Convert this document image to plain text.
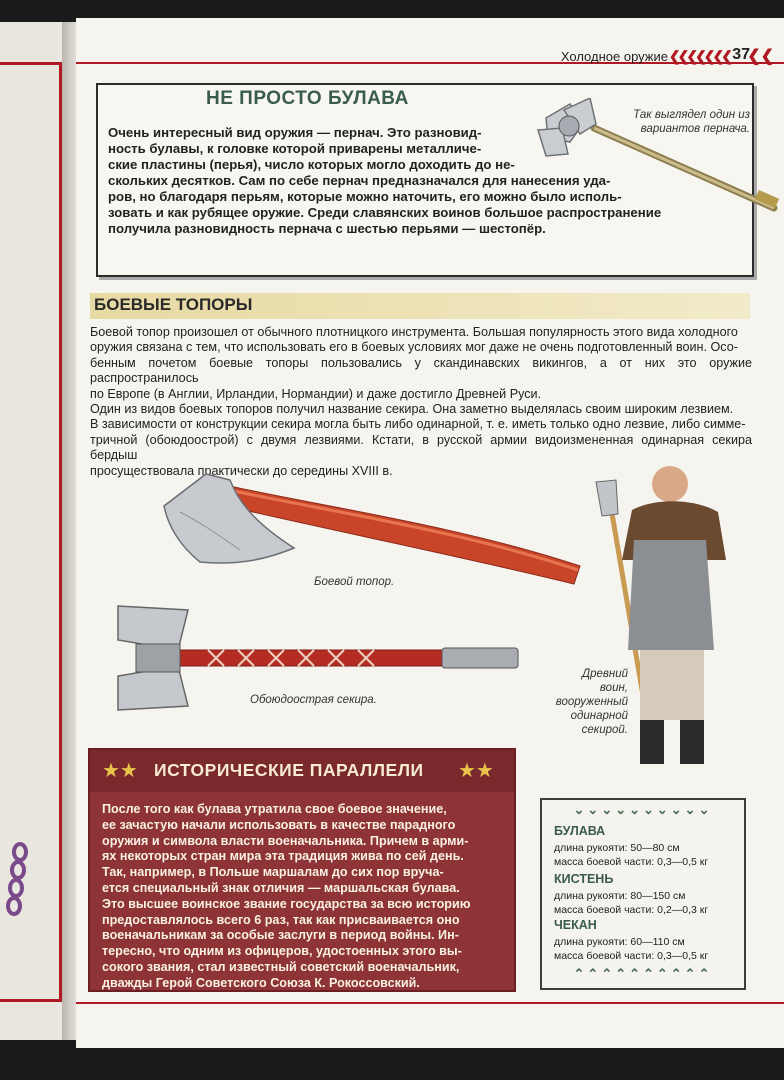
Холодное оружие ❮❮❮❮❮❮❮ 37
❮❮
НЕ ПРОСТО БУЛАВА
Очень интересный вид оружия — пернач. Это разновид-
ность булавы, к головке которой приварены металличе-
ские пластины (перья), число которых могло доходить до не-
скольких десятков. Сам по себе пернач предназначался для нанесения уда-
ров, но благодаря перьям, которые можно наточить, его можно было исполь-
зовать и как рубящее оружие. Среди славянских воинов большое распространение
получила разновидность пернача с шестью перьями — шестопёр.
Так выглядел один из вариантов пернача.
БОЕВЫЕ ТОПОРЫ

Боевой топор произошел от обычного плотницкого инструмента. Большая популярность этого вида холодного

оружия связана с тем, что использовать его в боевых условиях мог даже не очень подготовленный воин. Осо-

бенным почетом боевые топоры пользовались у скандинавских викингов, а от них это оружие распространилось

по Европе (в Англии, Ирландии, Нормандии) и даже достигло Древней Руси.

Один из видов боевых топоров получил название секира. Она заметно выделялась своим широким лезвием.

В зависимости от конструкции секира могла быть либо одинарной, т. е. иметь только одно лезвие, либо симме-

тричной (обоюдоострой) с двумя лезвиями. Кстати, в русской армии видоизмененная одинарная секира бердыш

просуществовала практически до середины XVIII в.

Боевой топор.
Обоюдоострая секира.
Древний воин,
вооруженный
одинарной
секирой.
★★ ИСТОРИЧЕСКИЕ ПАРАЛЛЕЛИ ★★
После того как булава утратила свое боевое значение,
ее зачастую начали использовать в качестве парадного
оружия и символа власти военачальника. Причем в арми-
ях некоторых стран мира эта традиция жива по сей день.
Так, например, в Польше маршалам до сих пор вруча-
ется специальный знак отличия — маршальская булава.
Это высшее воинское звание государства за всю историю
предоставлялось всего 6 раз, так как присваивается оно
военачальникам за особые заслуги в период войны. Ин-
тересно, что одним из офицеров, удостоенных этого вы-
сокого звания, стал известный советский военачальник,
дважды Герой Советского Союза К. Рокоссовский.
⌄⌄⌄⌄⌄⌄⌄⌄⌄⌄
БУЛАВА
длина рукояти: 50—80 см
масса боевой части: 0,3—0,5 кг
КИСТЕНЬ
длина рукояти: 80—150 см
масса боевой части: 0,2—0,3 кг
ЧЕКАН
длина рукояти: 60—110 см
масса боевой части: 0,3—0,5 кг
⌃⌃⌃⌃⌃⌃⌃⌃⌃⌃
